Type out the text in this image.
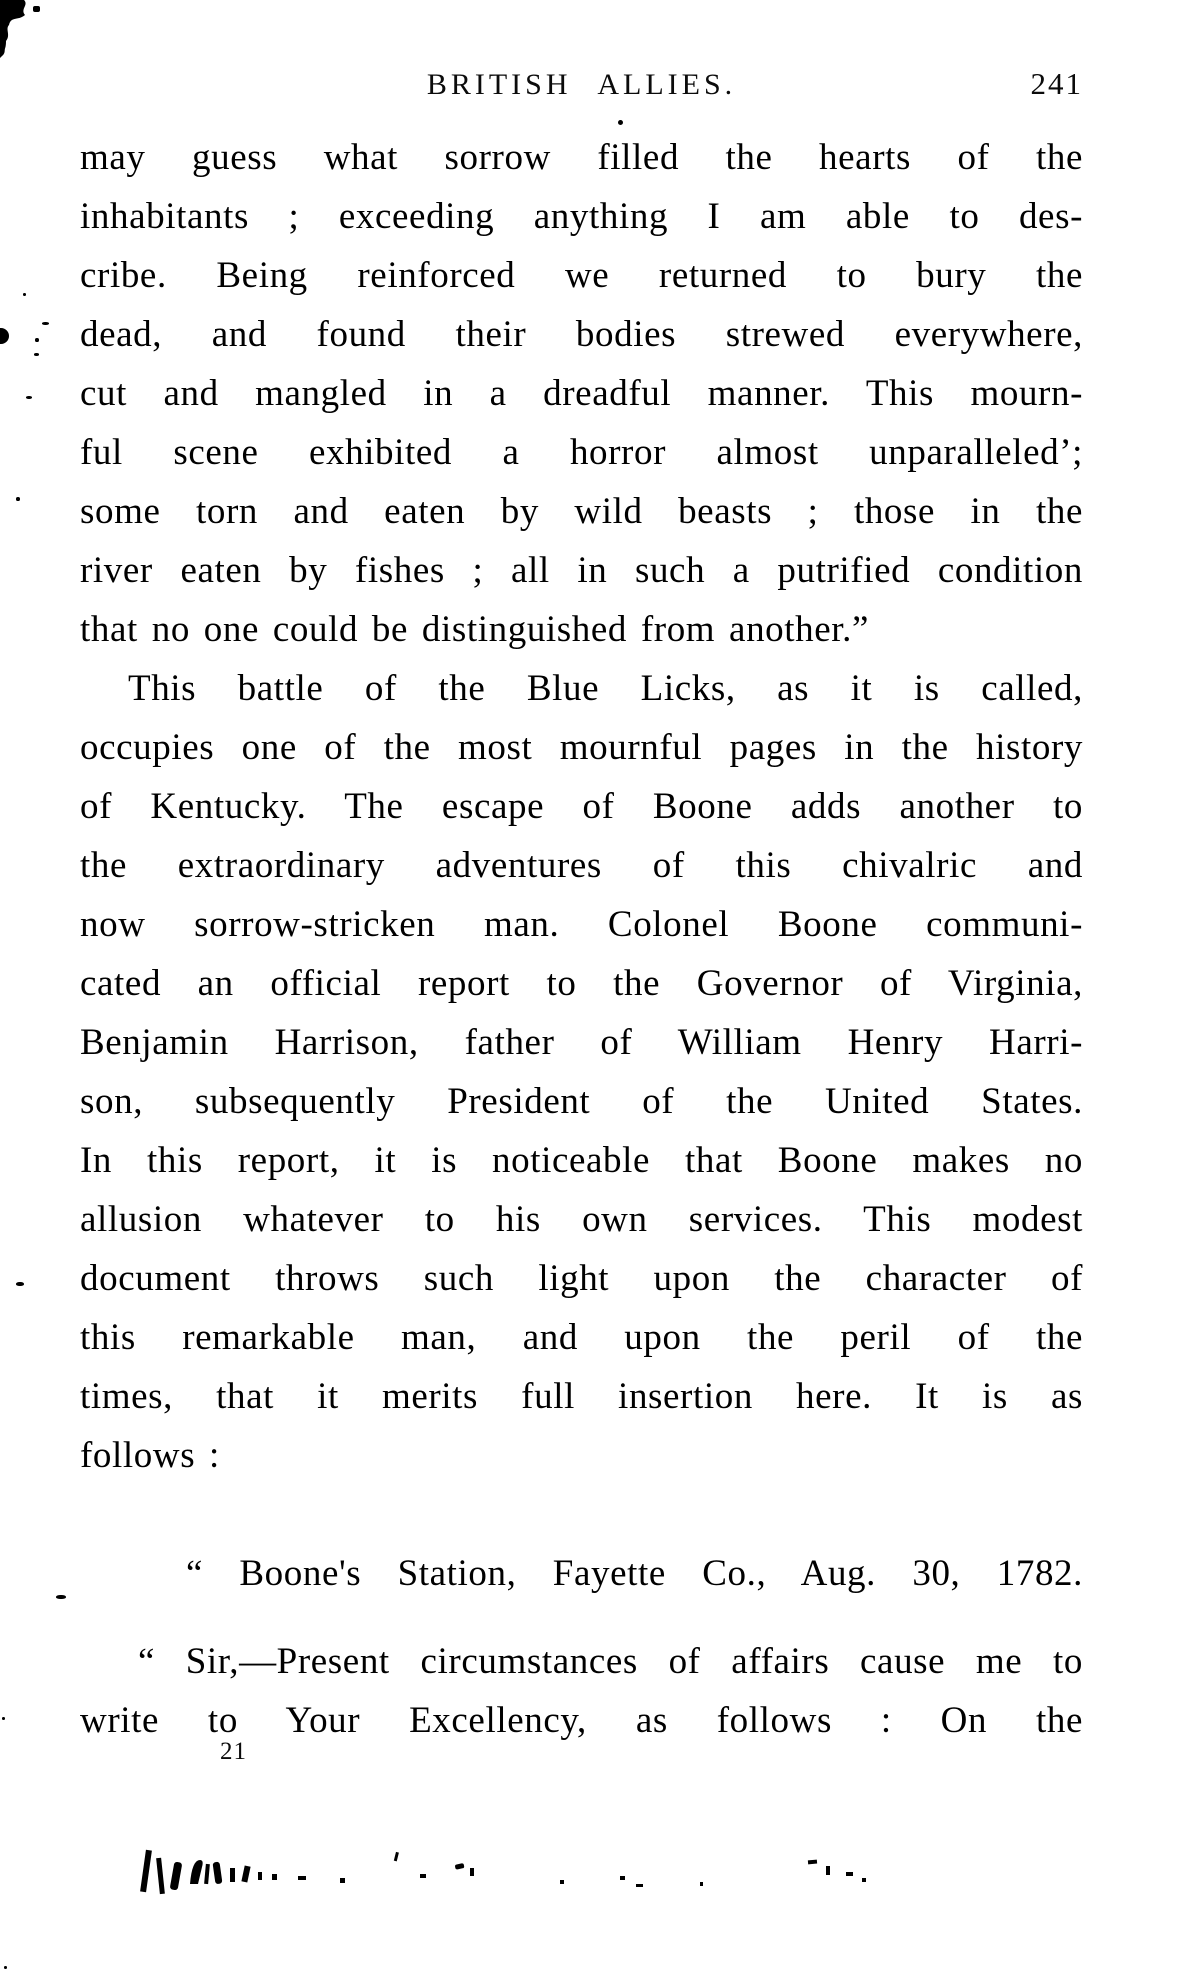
BRITISH ALLIES.	241
may guess what sorrow filled the hearts of the
inhabitants ; exceeding anything I am able to des-
cribe. Being reinforced we returned to bury the
dead, and found their bodies strewed everywhere,
cut and mangled in a dreadful manner. This mourn-
ful scene exhibited a horror almost unparalleled’;
some torn and eaten by wild beasts ; those in the
river eaten by fishes ; all in such a putrified condition
that no one could be distinguished from another.”
This battle of the Blue Licks, as it is called,
occupies one of the most mournful pages in the history
of Kentucky. The escape of Boone adds another to
the extraordinary adventures of this chivalric and
now sorrow-stricken man. Colonel Boone communi-
cated an official report to the Governor of Virginia,
Benjamin Harrison, father of William Henry Harri-
son, subsequently President of the United States.
In this report, it is noticeable that Boone makes no
allusion whatever to his own services. This modest
document throws such light upon the character of
this remarkable man, and upon the peril of the
times, that it merits full insertion here. It is as
follows :
“ Boone's Station, Fayette Co., Aug. 30, 1782.
“ Sir,—Present circumstances of affairs cause me to
write to Your Excellency, as follows : On the
21
